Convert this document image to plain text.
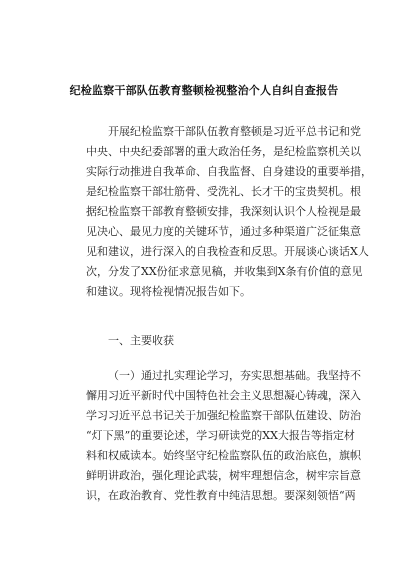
纪检监察干部队伍教育整顿检视整治个人自纠自查报告
开展纪检监察干部队伍教育整顿是习近平总书记和党
中央、中央纪委部署的重大政治任务，是纪检监察机关以
实际行动推进自我革命、自我监督、自身建设的重要举措，
是纪检监察干部壮筋骨、受洗礼、长才干的宝贵契机。根
据纪检监察干部教育整顿安排，我深刻认识个人检视是最
见决心、最见力度的关键环节，通过多种渠道广泛征集意
见和建议，进行深入的自我检查和反思。开展谈心谈话X人
次，分发了XX份征求意见稿，并收集到X条有价值的意见
和建议。现将检视情况报告如下。
一、主要收获
（一）通过扎实理论学习，夯实思想基础。我坚持不
懈用习近平新时代中国特色社会主义思想凝心铸魂，深入
学习习近平总书记关于加强纪检监察干部队伍建设、防治
“灯下黑”的重要论述，学习研读党的XX大报告等指定材
料和权威读本。始终坚守纪检监察队伍的政治底色，旗帜
鲜明讲政治，强化理论武装，树牢理想信念，树牢宗旨意
识，在政治教育、党性教育中纯洁思想。要深刻领悟“两
